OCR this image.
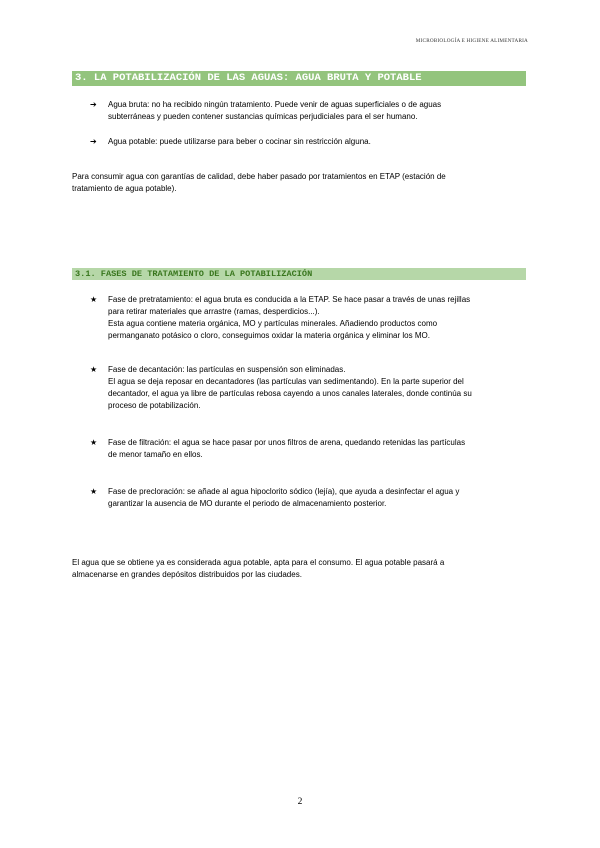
MICROBIOLOGÍA E HIGIENE ALIMENTARIA
3. LA POTABILIZACIÓN DE LAS AGUAS: AGUA BRUTA Y POTABLE
➔	Agua bruta: no ha recibido ningún tratamiento. Puede venir de aguas superficiales o de aguas

subterráneas y pueden contener sustancias químicas perjudiciales para el ser humano.

➔	Agua potable: puede utilizarse para beber o cocinar sin restricción alguna.

Para consumir agua con garantías de calidad, debe haber pasado por tratamientos en ETAP (estación de

tratamiento de agua potable).

3.1. FASES DE TRATAMIENTO DE LA POTABILIZACIÓN
★	Fase de pretratamiento: el agua bruta es conducida a la ETAP. Se hace pasar a través de unas rejillas

para retirar materiales que arrastre (ramas, desperdicios...).

Esta agua contiene materia orgánica, MO y partículas minerales. Añadiendo productos como

permanganato potásico o cloro, conseguimos oxidar la materia orgánica y eliminar los MO.

★	Fase de decantación: las partículas en suspensión son eliminadas.

El agua se deja reposar en decantadores (las partículas van sedimentando). En la parte superior del

decantador, el agua ya libre de partículas rebosa cayendo a unos canales laterales, donde continúa su

proceso de potabilización.

★	Fase de filtración: el agua se hace pasar por unos filtros de arena, quedando retenidas las partículas

de menor tamaño en ellos.

★	Fase de precloración: se añade al agua hipoclorito sódico (lejía), que ayuda a desinfectar el agua y

garantizar la ausencia de MO durante el periodo de almacenamiento posterior.

El agua que se obtiene ya es considerada agua potable, apta para el consumo. El agua potable pasará a

almacenarse en grandes depósitos distribuidos por las ciudades.

2
